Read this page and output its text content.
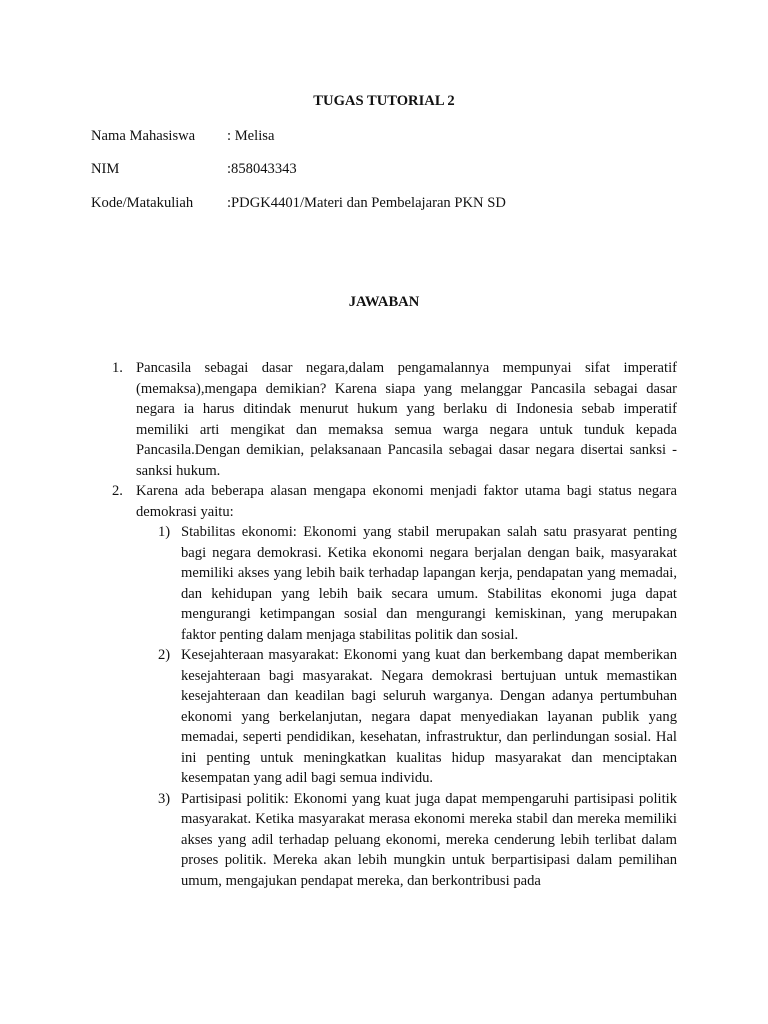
TUGAS TUTORIAL 2
Nama Mahasiswa : Melisa
NIM	:858043343
Kode/Matakuliah :PDGK4401/Materi dan Pembelajaran PKN SD
JAWABAN
1. Pancasila sebagai dasar negara,dalam pengamalannya mempunyai sifat imperatif (memaksa),mengapa demikian? Karena siapa yang melanggar Pancasila sebagai dasar negara ia harus ditindak menurut hukum yang berlaku di Indonesia sebab imperatif memiliki arti mengikat dan memaksa semua warga negara untuk tunduk kepada Pancasila.Dengan demikian, pelaksanaan Pancasila sebagai dasar negara disertai sanksi -sanksi hukum.
2. Karena ada beberapa alasan mengapa ekonomi menjadi faktor utama bagi status negara demokrasi yaitu:
1) Stabilitas ekonomi: Ekonomi yang stabil merupakan salah satu prasyarat penting bagi negara demokrasi. Ketika ekonomi negara berjalan dengan baik, masyarakat memiliki akses yang lebih baik terhadap lapangan kerja, pendapatan yang memadai, dan kehidupan yang lebih baik secara umum. Stabilitas ekonomi juga dapat mengurangi ketimpangan sosial dan mengurangi kemiskinan, yang merupakan faktor penting dalam menjaga stabilitas politik dan sosial.
2) Kesejahteraan masyarakat: Ekonomi yang kuat dan berkembang dapat memberikan kesejahteraan bagi masyarakat. Negara demokrasi bertujuan untuk memastikan kesejahteraan dan keadilan bagi seluruh warganya. Dengan adanya pertumbuhan ekonomi yang berkelanjutan, negara dapat menyediakan layanan publik yang memadai, seperti pendidikan, kesehatan, infrastruktur, dan perlindungan sosial. Hal ini penting untuk meningkatkan kualitas hidup masyarakat dan menciptakan kesempatan yang adil bagi semua individu.
3) Partisipasi politik: Ekonomi yang kuat juga dapat mempengaruhi partisipasi politik masyarakat. Ketika masyarakat merasa ekonomi mereka stabil dan mereka memiliki akses yang adil terhadap peluang ekonomi, mereka cenderung lebih terlibat dalam proses politik. Mereka akan lebih mungkin untuk berpartisipasi dalam pemilihan umum, mengajukan pendapat mereka, dan berkontribusi pada
